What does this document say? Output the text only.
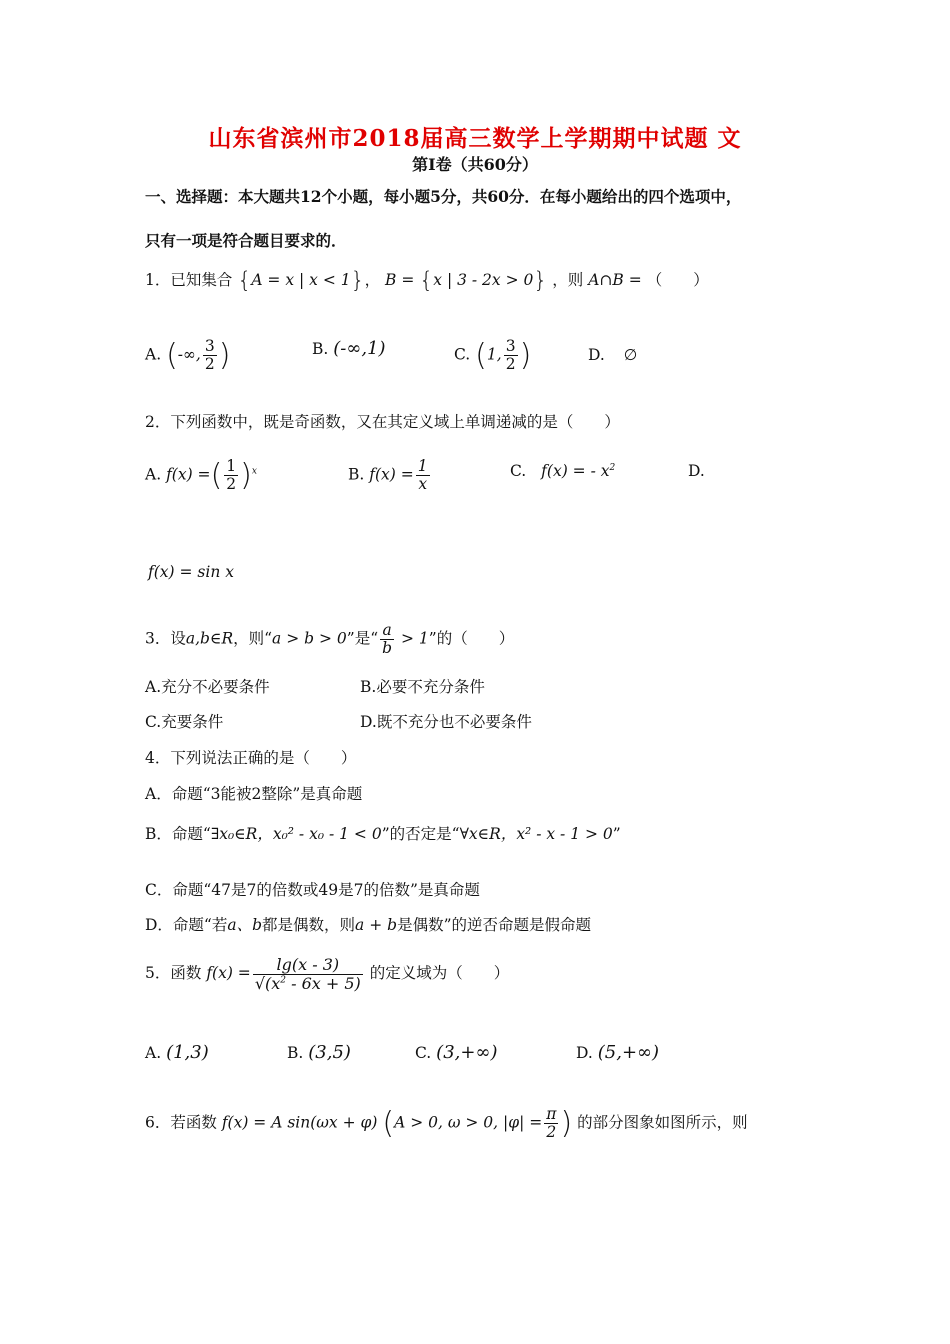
山东省滨州市2018届高三数学上学期期中试题 文
第Ⅰ卷（共60分）
一、选择题：本大题共12个小题，每小题5分，共60分．在每小题给出的四个选项中，
只有一项是符合题目要求的．
1．已知集合 {A = x | x < 1}， B = {x | 3 - 2x > 0} ，则 A∩B = （　　）
A. (-∞, $\frac{3}{2}$ )	B. (-∞,1)	C. (1, $\frac{3}{2}$ )	D. ∅
2．下列函数中，既是奇函数，又在其定义域上单调递减的是（　　）
A. f(x) =( $\frac{1}{2} )^x$	B. $f(x) = \frac{1}{x}$	C. f(x) = - $x^2$	D.
f(x) = sin x
3．设a,b∈R，则“a > b > 0”是“ $\frac{a}{b} > 1$”的（　　）
A.充分不必要条件	B.必要不充分条件
C.充要条件	D.既不充分也不必要条件
4．下列说法正确的是（　　）
A．命题“3能被2整除”是真命题
B．命题“∃x₀∈R，x₀² - x₀ - 1 < 0”的否定是“∀x∈R，x² - x - 1 > 0”
C．命题“47是7的倍数或49是7的倍数”是真命题
D．命题“若a、b都是偶数，则a + b是偶数”的逆否命题是假命题
5．函数 $f(x) = \frac{\lg(x - 3)}{√(x^2 - 6x + 5)}$ 的定义域为（　　）
A. (1,3)	B. (3,5)	C. (3,+∞)	D. (5,+∞)
6．若函数 f(x) = A sin(ωx + φ) (A > 0, ω > 0, $|\varphi| = \frac{\pi}{2}$ ) 的部分图象如图所示，则
